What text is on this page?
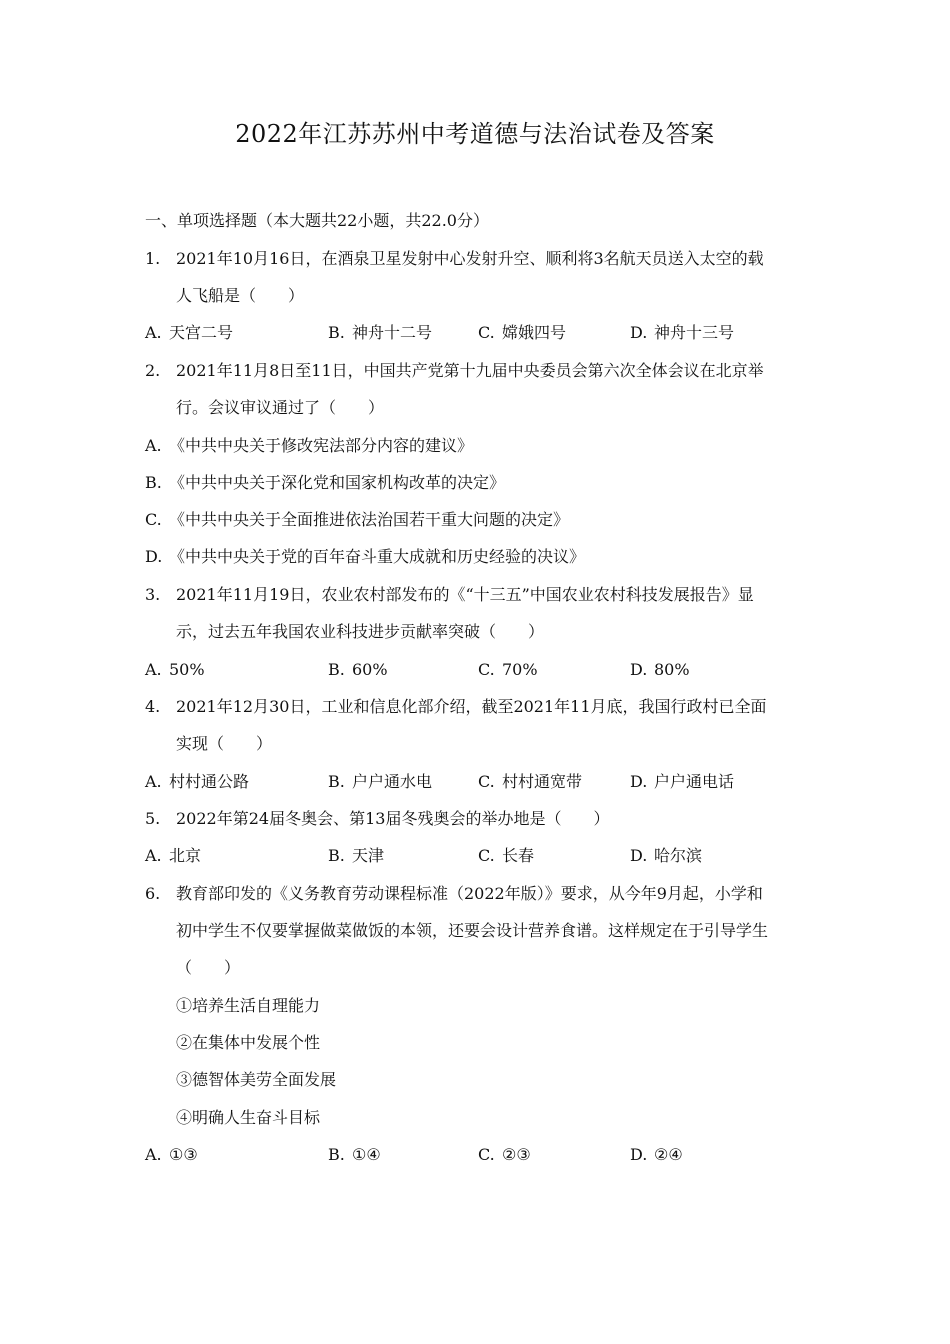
2022年江苏苏州中考道德与法治试卷及答案
一、单项选择题（本大题共22小题，共22.0分）
1. 2021年10月16日，在酒泉卫星发射中心发射升空、顺利将3名航天员送入太空的载
人飞船是（　　）
A. 天宫二号	B. 神舟十二号	C. 嫦娥四号	D. 神舟十三号
2. 2021年11月8日至11日，中国共产党第十九届中央委员会第六次全体会议在北京举
行。会议审议通过了（　　）
A. 《中共中央关于修改宪法部分内容的建议》
B. 《中共中央关于深化党和国家机构改革的决定》
C. 《中共中央关于全面推进依法治国若干重大问题的决定》
D. 《中共中央关于党的百年奋斗重大成就和历史经验的决议》
3. 2021年11月19日，农业农村部发布的《“十三五”中国农业农村科技发展报告》显
示，过去五年我国农业科技进步贡献率突破（　　）
A. 50%	B. 60%	C. 70%	D. 80%
4. 2021年12月30日，工业和信息化部介绍，截至2021年11月底，我国行政村已全面
实现（　　）
A. 村村通公路	B. 户户通水电	C. 村村通宽带	D. 户户通电话
5. 2022年第24届冬奥会、第13届冬残奥会的举办地是（　　）
A. 北京	B. 天津	C. 长春	D. 哈尔滨
6. 教育部印发的《义务教育劳动课程标准（2022年版）》要求，从今年9月起，小学和
初中学生不仅要掌握做菜做饭的本领，还要会设计营养食谱。这样规定在于引导学生
（　　）
①培养生活自理能力
②在集体中发展个性
③德智体美劳全面发展
④明确人生奋斗目标
A. ①③	B. ①④	C. ②③	D. ②④
